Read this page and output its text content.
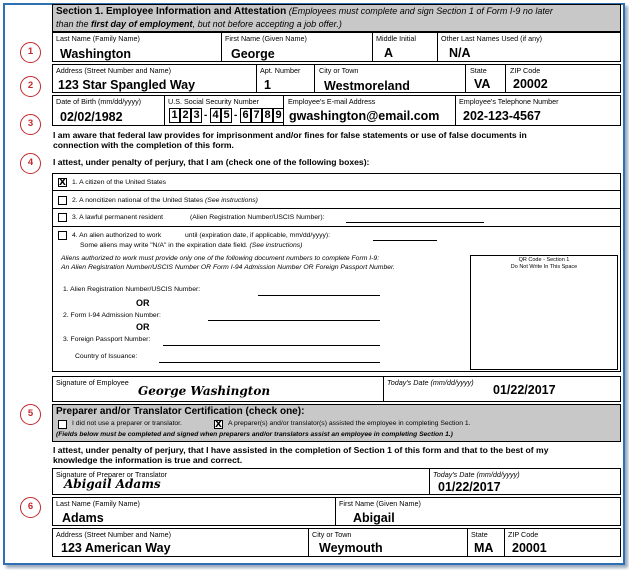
Section 1. Employee Information and Attestation (Employees must complete and sign Section 1 of Form I-9 no later
than the first day of employment, but not before accepting a job offer.)
1
2
3
4
5
6
Last Name (Family Name)
Washington
First Name (Given Name)
George
Middle Initial
A
Other Last Names Used (if any)
N/A
Address (Street Number and Name)
123 Star Spangled Way
Apt. Number
1
City or Town
Westmoreland
State
VA
ZIP Code
20002
Date of Birth (mm/dd/yyyy)
02/02/1982
U.S. Social Security Number
1 2 3 - 4 5 - 6 7 8 9
Employee's E-mail Address
gwashington@email.com
Employee's Telephone Number
202-123-4567
I am aware that federal law provides for imprisonment and/or fines for false statements or use of false documents in
connection with the completion of this form.
I attest, under penalty of perjury, that I am (check one of the following boxes):
X 1. A citizen of the United States
2. A noncitizen national of the United States (See instructions)
3. A lawful permanent resident	(Alien Registration Number/USCIS Number):
4. An alien authorized to work	until (expiration date, if applicable, mm/dd/yyyy):
Some aliens may write "N/A" in the expiration date field. (See instructions)
Aliens authorized to work must provide only one of the following document numbers to complete Form I-9:
An Alien Registration Number/USCIS Number OR Form I-94 Admission Number OR Foreign Passport Number.
1. Alien Registration Number/USCIS Number:
OR
2. Form I-94 Admission Number:
OR
3. Foreign Passport Number:
Country of Issuance:
QR Code - Section 1
Do Not Write In This Space
Signature of Employee
George Washington
Today's Date (mm/dd/yyyy)
01/22/2017
Preparer and/or Translator Certification (check one):
I did not use a preparer or translator.	X A preparer(s) and/or translator(s) assisted the employee in completing Section 1.
(Fields below must be completed and signed when preparers and/or translators assist an employee in completing Section 1.)
I attest, under penalty of perjury, that I have assisted in the completion of Section 1 of this form and that to the best of my
knowledge the information is true and correct.
Signature of Preparer or Translator
Abigail Adams
Today's Date (mm/dd/yyyy)
01/22/2017
Last Name (Family Name)
Adams
First Name (Given Name)
Abigail
Address (Street Number and Name)
123 American Way
City or Town
Weymouth
State
MA
ZIP Code
20001
